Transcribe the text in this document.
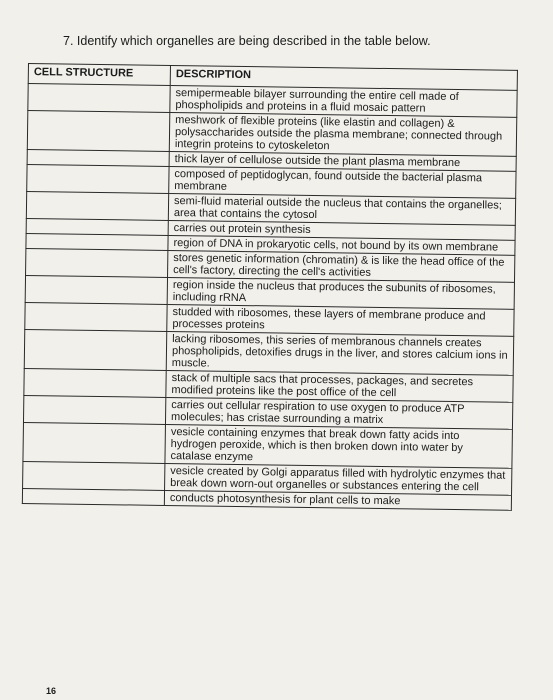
7. Identify which organelles are being described in the table below.
CELL STRUCTURE	DESCRIPTION
	semipermeable bilayer surrounding the entire cell made of phospholipids and proteins in a fluid mosaic pattern
	meshwork of flexible proteins (like elastin and collagen) & polysaccharides outside the plasma membrane; connected through integrin proteins to cytoskeleton
	thick layer of cellulose outside the plant plasma membrane
	composed of peptidoglycan, found outside the bacterial plasma membrane
	semi-fluid material outside the nucleus that contains the organelles; area that contains the cytosol
	carries out protein synthesis
	region of DNA in prokaryotic cells, not bound by its own membrane
	stores genetic information (chromatin) & is like the head office of the cell's factory, directing the cell's activities
	region inside the nucleus that produces the subunits of ribosomes, including rRNA
	studded with ribosomes, these layers of membrane produce and processes proteins
	lacking ribosomes, this series of membranous channels creates phospholipids, detoxifies drugs in the liver, and stores calcium ions in muscle.
	stack of multiple sacs that processes, packages, and secretes modified proteins like the post office of the cell
	carries out cellular respiration to use oxygen to produce ATP molecules; has cristae surrounding a matrix
	vesicle containing enzymes that break down fatty acids into hydrogen peroxide, which is then broken down into water by catalase enzyme
	vesicle created by Golgi apparatus filled with hydrolytic enzymes that break down worn-out organelles or substances entering the cell
	conducts photosynthesis for plant cells to make
16
